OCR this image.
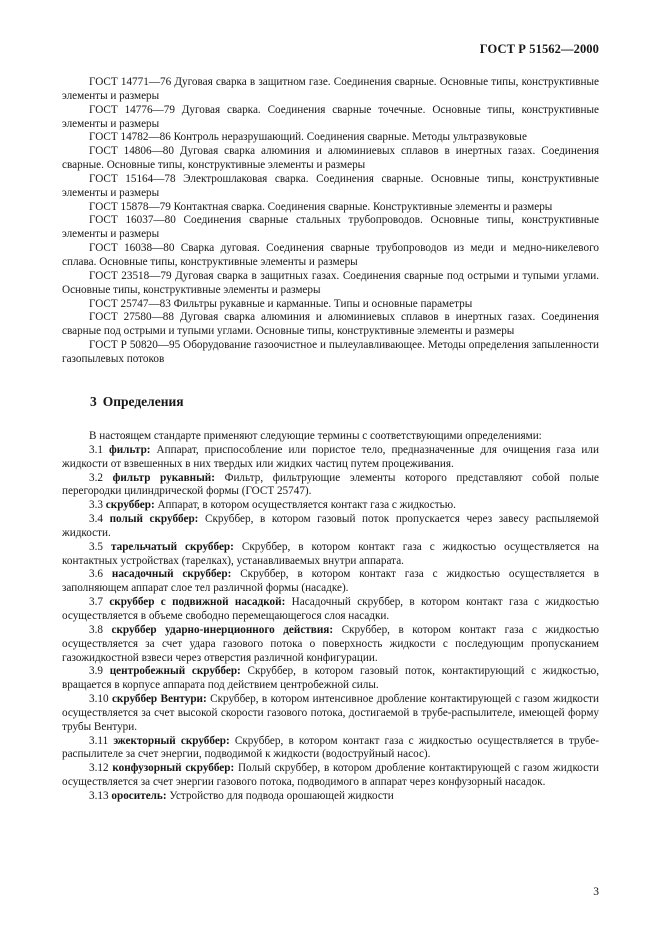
ГОСТ Р 51562—2000

ГОСТ 14771—76 Дуговая сварка в защитном газе. Соединения сварные. Основные типы, конструктивные элементы и размеры

ГОСТ 14776—79 Дуговая сварка. Соединения сварные точечные. Основные типы, конструктивные элементы и размеры

ГОСТ 14782—86 Контроль неразрушающий. Соединения сварные. Методы ультразвуковые

ГОСТ 14806—80 Дуговая сварка алюминия и алюминиевых сплавов в инертных газах. Соединения сварные. Основные типы, конструктивные элементы и размеры

ГОСТ 15164—78 Электрошлаковая сварка. Соединения сварные. Основные типы, конструктивные элементы и размеры

ГОСТ 15878—79 Контактная сварка. Соединения сварные. Конструктивные элементы и размеры

ГОСТ 16037—80 Соединения сварные стальных трубопроводов. Основные типы, конструктивные элементы и размеры

ГОСТ 16038—80 Сварка дуговая. Соединения сварные трубопроводов из меди и медно-никелевого сплава. Основные типы, конструктивные элементы и размеры

ГОСТ 23518—79 Дуговая сварка в защитных газах. Соединения сварные под острыми и тупыми углами. Основные типы, конструктивные элементы и размеры

ГОСТ 25747—83 Фильтры рукавные и карманные. Типы и основные параметры

ГОСТ 27580—88 Дуговая сварка алюминия и алюминиевых сплавов в инертных газах. Соединения сварные под острыми и тупыми углами. Основные типы, конструктивные элементы и размеры

ГОСТ Р 50820—95 Оборудование газоочистное и пылеулавливающее. Методы определения запыленности газопылевых потоков

3 Определения

В настоящем стандарте применяют следующие термины с соответствующими определениями:

3.1 фильтр: Аппарат, приспособление или пористое тело, предназначенные для очищения газа или жидкости от взвешенных в них твердых или жидких частиц путем процеживания.

3.2 фильтр рукавный: Фильтр, фильтрующие элементы которого представляют собой полые перегородки цилиндрической формы (ГОСТ 25747).

3.3 скруббер: Аппарат, в котором осуществляется контакт газа с жидкостью.

3.4 полый скруббер: Скруббер, в котором газовый поток пропускается через завесу распыляемой жидкости.

3.5 тарельчатый скруббер: Скруббер, в котором контакт газа с жидкостью осуществляется на контактных устройствах (тарелках), устанавливаемых внутри аппарата.

3.6 насадочный скруббер: Скруббер, в котором контакт газа с жидкостью осуществляется в заполняющем аппарат слое тел различной формы (насадке).

3.7 скруббер с подвижной насадкой: Насадочный скруббер, в котором контакт газа с жидкостью осуществляется в объеме свободно перемещающегося слоя насадки.

3.8 скруббер ударно-инерционного действия: Скруббер, в котором контакт газа с жидкостью осуществляется за счет удара газового потока о поверхность жидкости с последующим пропусканием газожидкостной взвеси через отверстия различной конфигурации.

3.9 центробежный скруббер: Скруббер, в котором газовый поток, контактирующий с жидкостью, вращается в корпусе аппарата под действием центробежной силы.

3.10 скруббер Вентури: Скруббер, в котором интенсивное дробление контактирующей с газом жидкости осуществляется за счет высокой скорости газового потока, достигаемой в трубе-распылителе, имеющей форму трубы Вентури.

3.11 эжекторный скруббер: Скруббер, в котором контакт газа с жидкостью осуществляется в трубе-распылителе за счет энергии, подводимой к жидкости (водоструйный насос).

3.12 конфузорный скруббер: Полый скруббер, в котором дробление контактирующей с газом жидкости осуществляется за счет энергии газового потока, подводимого в аппарат через конфузорный насадок.

3.13 ороситель: Устройство для подвода орошающей жидкости

3
